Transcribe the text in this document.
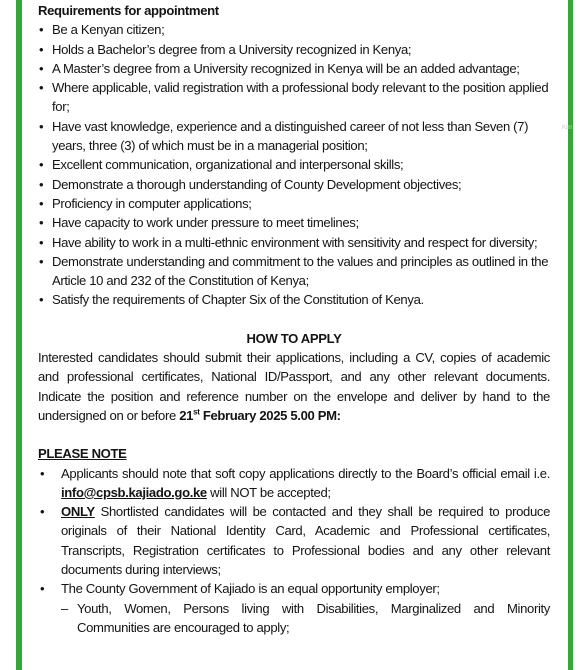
Requirements for appointment

• Be a Kenyan citizen;
• Holds a Bachelor’s degree from a University recognized in Kenya;
• A Master’s degree from a University recognized in Kenya will be an added advantage;
• Where applicable, valid registration with a professional body relevant to the position applied for;
• Have vast knowledge, experience and a distinguished career of not less than Seven (7) years, three (3) of which must be in a managerial position;
• Excellent communication, organizational and interpersonal skills;
• Demonstrate a thorough understanding of County Development objectives;
• Proficiency in computer applications;
• Have capacity to work under pressure to meet timelines;
• Have ability to work in a multi-ethnic environment with sensitivity and respect for diversity;
• Demonstrate understanding and commitment to the values and principles as outlined in the Article 10 and 232 of the Constitution of Kenya;
• Satisfy the requirements of Chapter Six of the Constitution of Kenya.
HOW TO APPLY
Interested candidates should submit their applications, including a CV, copies of academic and professional certificates, National ID/Passport, and any other relevant documents. Indicate the position and reference number on the envelope and deliver by hand to the undersigned on or before 21st February 2025 5.00 PM:
PLEASE NOTE
• Applicants should note that soft copy applications directly to the Board’s official email i.e. info@cpsb.kajiado.go.ke will NOT be accepted;
• ONLY Shortlisted candidates will be contacted and they shall be required to produce originals of their National Identity Card, Academic and Professional certificates, Transcripts, Registration certificates to Professional bodies and any other relevant documents during interviews;
• The County Government of Kajiado is an equal opportunity employer;
– Youth, Women, Persons living with Disabilities, Marginalized and Minority Communities are encouraged to apply;
Kim
